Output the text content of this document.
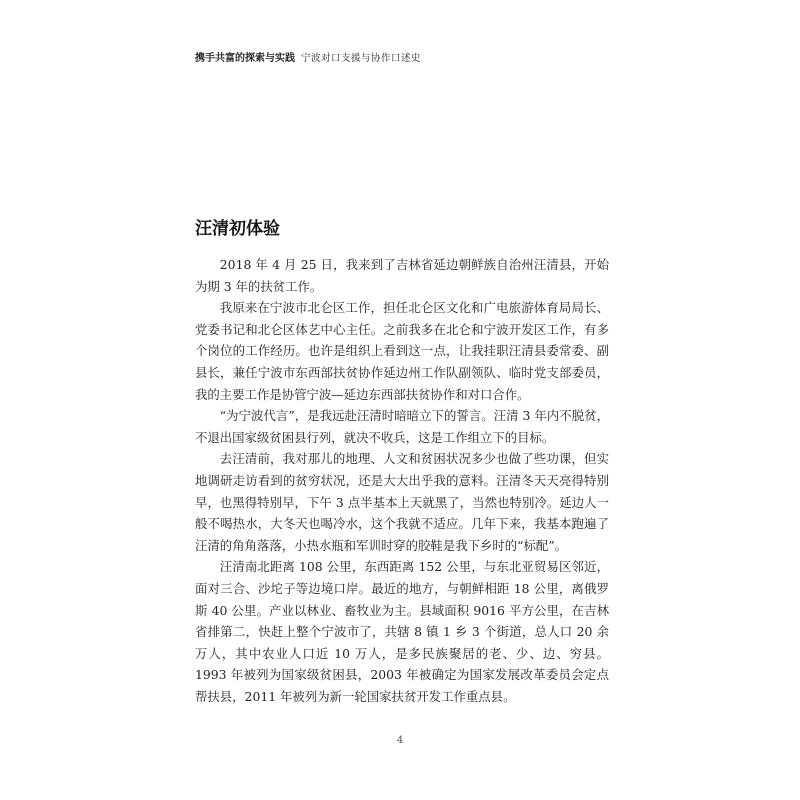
携手共富的探索与实践 宁波对口支援与协作口述史
汪清初体验

2018 年 4 月 25 日，我来到了吉林省延边朝鲜族自治州汪清县，开始为期 3 年的扶贫工作。

我原来在宁波市北仑区工作，担任北仑区文化和广电旅游体育局局长、党委书记和北仑区体艺中心主任。之前我多在北仑和宁波开发区工作，有多个岗位的工作经历。也许是组织上看到这一点，让我挂职汪清县委常委、副县长，兼任宁波市东西部扶贫协作延边州工作队副领队、临时党支部委员，我的主要工作是协管宁波—延边东西部扶贫协作和对口合作。

“为宁波代言”，是我远赴汪清时暗暗立下的誓言。汪清 3 年内不脱贫，不退出国家级贫困县行列，就决不收兵，这是工作组立下的目标。

去汪清前，我对那儿的地理、人文和贫困状况多少也做了些功课，但实地调研走访看到的贫穷状况，还是大大出乎我的意料。汪清冬天天亮得特别早，也黑得特别早，下午 3 点半基本上天就黑了，当然也特别冷。延边人一般不喝热水，大冬天也喝冷水，这个我就不适应。几年下来，我基本跑遍了汪清的角角落落，小热水瓶和军训时穿的胶鞋是我下乡时的“标配”。

汪清南北距离 108 公里，东西距离 152 公里，与东北亚贸易区邻近，面对三合、沙坨子等边境口岸。最近的地方，与朝鲜相距 18 公里，离俄罗斯 40 公里。产业以林业、畜牧业为主。县域面积 9016 平方公里，在吉林省排第二，快赶上整个宁波市了，共辖 8 镇 1 乡 3 个街道，总人口 20 余万人，其中农业人口近 10 万人，是多民族聚居的老、少、边、穷县。1993 年被列为国家级贫困县，2003 年被确定为国家发展改革委员会定点帮扶县，2011 年被列为新一轮国家扶贫开发工作重点县。

4
